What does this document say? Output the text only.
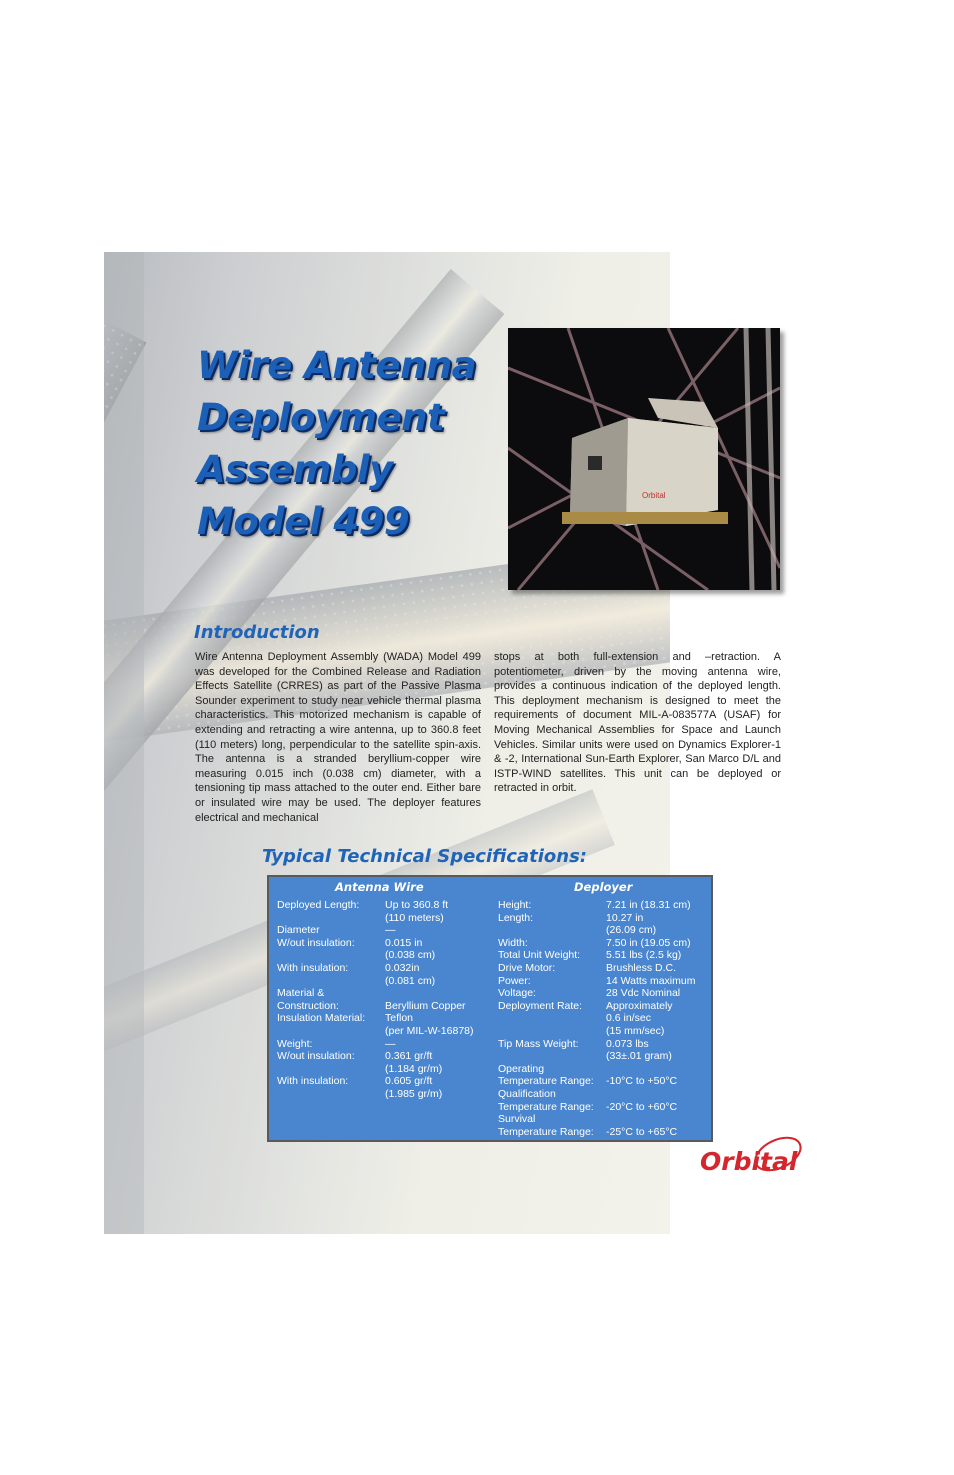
Orbital
Wire Antenna
Deployment
Assembly
Model 499
Introduction

Wire Antenna Deployment Assembly (WADA) Model 499 was developed for the Combined Release and Radiation Effects Satellite (CRRES) as part of the Passive Plasma Sounder experiment to study near vehicle thermal plasma characteristics. This motorized mechanism is capable of extending and retracting a wire antenna, up to 360.8 feet (110 meters) long, perpendicular to the satellite spin-axis. The antenna is a stranded beryllium-copper wire measuring 0.015 inch (0.038 cm) diameter, with a tensioning tip mass attached to the outer end. Either bare or insulated wire may be used. The deployer features electrical and mechanical

stops at both full-extension and –retraction. A potentiometer, driven by the moving antenna wire, provides a continuous indication of the deployed length. This deployment mechanism is designed to meet the requirements of document MIL-A-083577A (USAF) for Moving Mechanical Assemblies for Space and Launch Vehicles. Similar units were used on Dynamics Explorer-1 & -2, International Sun-Earth Explorer, San Marco D/L and ISTP-WIND satellites. This unit can be deployed or retracted in orbit.

Typical Technical Specifications:
Antenna Wire	Deployer
Deployed Length: Up to 360.8 ft
(110 meters)
Diameter	—
W/out insulation:	0.015 in
(0.038 cm)
With insulation:	0.032in
(0.081 cm)
Material &
Construction:	Beryllium Copper
Insulation Material: Teflon
(per MIL-W-16878)
Weight:	—
W/out insulation:	0.361 gr/ft
(1.184 gr/m)
With insulation:	0.605 gr/ft
(1.985 gr/m)
Height:	7.21 in (18.31 cm)
Length:	10.27 in
(26.09 cm)
Width:	7.50 in (19.05 cm)
Total Unit Weight: 5.51 lbs (2.5 kg)
Drive Motor:	Brushless D.C.
Power:	14 Watts maximum
Voltage:	28 Vdc Nominal
Deployment Rate: Approximately
0.6 in/sec
(15 mm/sec)
Tip Mass Weight:	0.073 lbs
(33±.01 gram)
Operating
Temperature Range: -10°C to +50°C
Qualification
Temperature Range: -20°C to +60°C
Survival
Temperature Range: -25°C to +65°C
Orbital
